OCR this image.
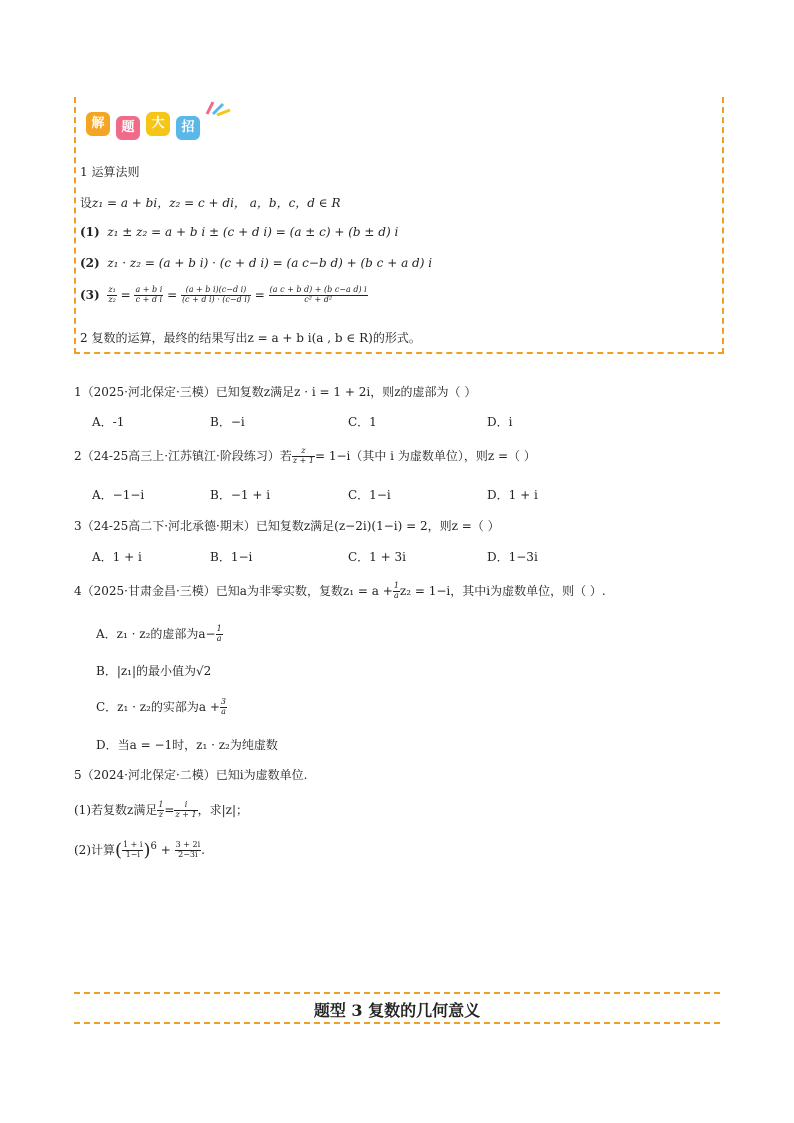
解	题	大	招
1 运算法则
设z₁ = a + bi，z₂ = c + di， a，b，c，d ∈ R
(1) z₁ ± z₂ = a + b i ± (c + d i) = (a ± c) + (b ± d) i
(2) z₁ · z₂ = (a + b i) · (c + d i) = (a c−b d) + (b c + a d) i
$(3) \frac{\text{z₁}}{\text{z₂}} = \frac{\text{a + b i}}{\text{c + d i}} = \frac{\text{(a + b i)(c−d i)}}{\text{(c + d i) · (c−d i)}} = \frac{\text{(a c + b d) + (b c−a d) i}}{\text{c² + d²}}$
2 复数的运算，最终的结果写出z = a + b i(a , b ∈ R)的形式。
1（2025·河北保定·三模）已知复数z满足z · i = 1 + 2i，则z的虚部为（ ）
A．-1	B．−i	C．1	D．i
2（24-25高三上·江苏镇江·阶段练习）若 $\frac{z}{z + 1} = 1-i$（其中 i 为虚数单位），则z =（ ）
A．−1−i	B．−1 + i	C．1−i	D．1 + i
3（24-25高二下·河北承德·期末）已知复数z满足(z−2i)(1−i) = 2，则z =（ ）
A．1 + i	B．1−i	C．1 + 3i	D．1−3i
4（2025·甘肃金昌·三模）已知a为非零实数，复数$z_1 = a + \frac{1}{a} z_2 = 1-i$，其中i为虚数单位，则（ ）.
A．z₁ · z₂的虚部为$a- \frac{1}{a}$
B．|z₁|的最小值为√2
C．z₁ · z₂的实部为$a + \frac{3}{a}$
D．当a = −1时，z₁ · z₂为纯虚数
5（2024·河北保定·二模）已知i为虚数单位.
(1)若复数z满足 $\frac{1}{z} = \frac{i}{z + 1}$ ，求|z|；
(2)计算( $\frac{1 + i}{1-i} )^6 + \frac{3 + 2i}{2-3i}$ .
题型 3 复数的几何意义
